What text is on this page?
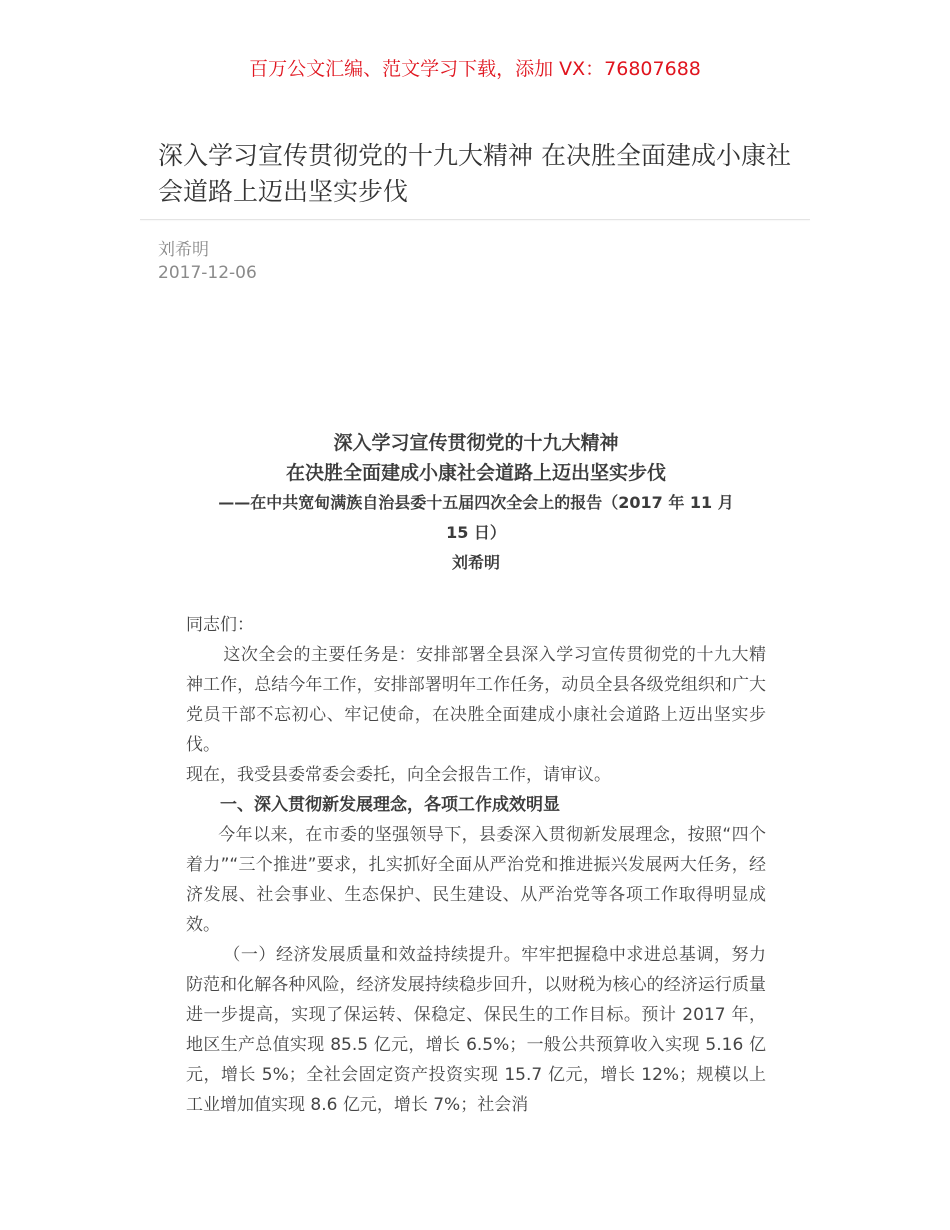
百万公文汇编、范文学习下载，添加 VX：76807688
深入学习宣传贯彻党的十九大精神 在决胜全面建成小康社会道路上迈出坚实步伐
刘希明
2017-12-06
深入学习宣传贯彻党的十九大精神
在决胜全面建成小康社会道路上迈出坚实步伐
——在中共宽甸满族自治县委十五届四次全会上的报告（2017 年 11 月
15 日）
刘希明

同志们：

这次全会的主要任务是：安排部署全县深入学习宣传贯彻党的十九大精神工作，总结今年工作，安排部署明年工作任务，动员全县各级党组织和广大党员干部不忘初心、牢记使命，在决胜全面建成小康社会道路上迈出坚实步伐。

现在，我受县委常委会委托，向全会报告工作，请审议。

一、深入贯彻新发展理念，各项工作成效明显

今年以来，在市委的坚强领导下，县委深入贯彻新发展理念，按照“四个着力”“三个推进”要求，扎实抓好全面从严治党和推进振兴发展两大任务，经济发展、社会事业、生态保护、民生建设、从严治党等各项工作取得明显成效。

（一）经济发展质量和效益持续提升。牢牢把握稳中求进总基调，努力防范和化解各种风险，经济发展持续稳步回升，以财税为核心的经济运行质量进一步提高，实现了保运转、保稳定、保民生的工作目标。预计 2017 年，地区生产总值实现 85.5 亿元，增长 6.5%；一般公共预算收入实现 5.16 亿元，增长 5%；全社会固定资产投资实现 15.7 亿元，增长 12%；规模以上工业增加值实现 8.6 亿元，增长 7%；社会消
